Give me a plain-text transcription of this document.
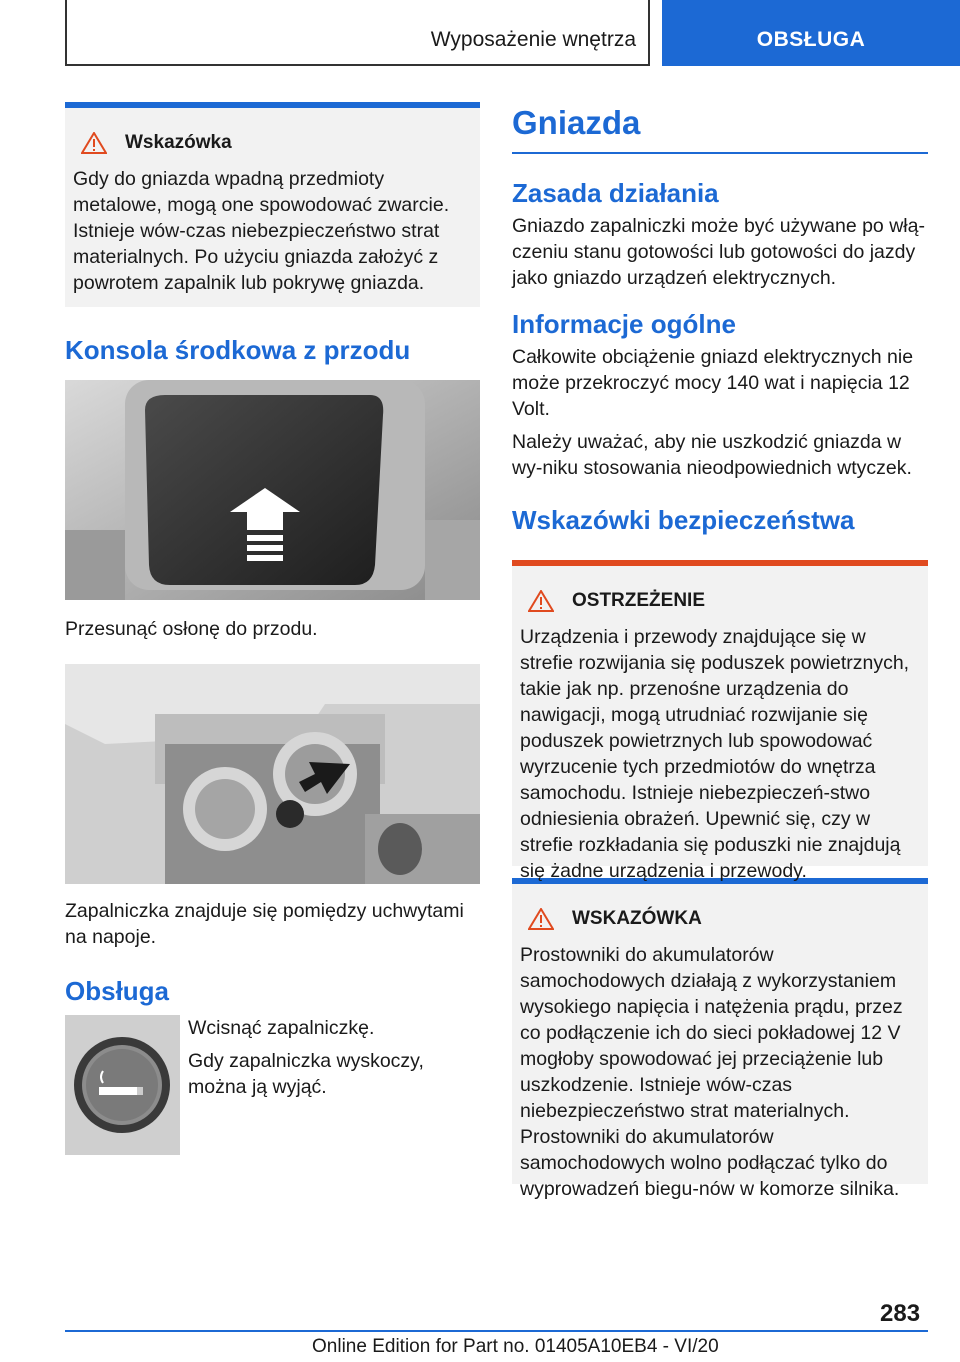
Wyposażenie wnętrza	OBSŁUGA
Wskazówka

Gdy do gniazda wpadną przedmioty metalowe, mogą one spowodować zwarcie. Istnieje wów-czas niebezpieczeństwo strat materialnych. Po użyciu gniazda założyć z powrotem zapalnik lub pokrywę gniazda.

Konsola środkowa z przodu

Przesunąć osłonę do przodu.

Zapalniczka znajduje się pomiędzy uchwytami na napoje.

Obsługa

Wcisnąć zapalniczkę.

Gdy zapalniczka wyskoczy, można ją wyjąć.

Gniazda
Zasada działania

Gniazdo zapalniczki może być używane po włą-czeniu stanu gotowości lub gotowości do jazdy jako gniazdo urządzeń elektrycznych.

Informacje ogólne

Całkowite obciążenie gniazd elektrycznych nie może przekroczyć mocy 140 wat i napięcia 12 Volt.

Należy uważać, aby nie uszkodzić gniazda w wy-niku stosowania nieodpowiednich wtyczek.

Wskazówki bezpieczeństwa
OSTRZEŻENIE

Urządzenia i przewody znajdujące się w strefie rozwijania się poduszek powietrznych, takie jak np. przenośne urządzenia do nawigacji, mogą utrudniać rozwijanie się poduszek powietrznych lub spowodować wyrzucenie tych przedmiotów do wnętrza samochodu. Istnieje niebezpieczeń-stwo odniesienia obrażeń. Upewnić się, czy w strefie rozkładania się poduszki nie znajdują się żadne urządzenia i przewody.

WSKAZÓWKA

Prostowniki do akumulatorów samochodowych działają z wykorzystaniem wysokiego napięcia i natężenia prądu, przez co podłączenie ich do sieci pokładowej 12 V mogłoby spowodować jej przeciążenie lub uszkodzenie. Istnieje wów-czas niebezpieczeństwo strat materialnych. Prostowniki do akumulatorów samochodowych wolno podłączać tylko do wyprowadzeń biegu-nów w komorze silnika.

283
Online Edition for Part no. 01405A10EB4 - VI/20
